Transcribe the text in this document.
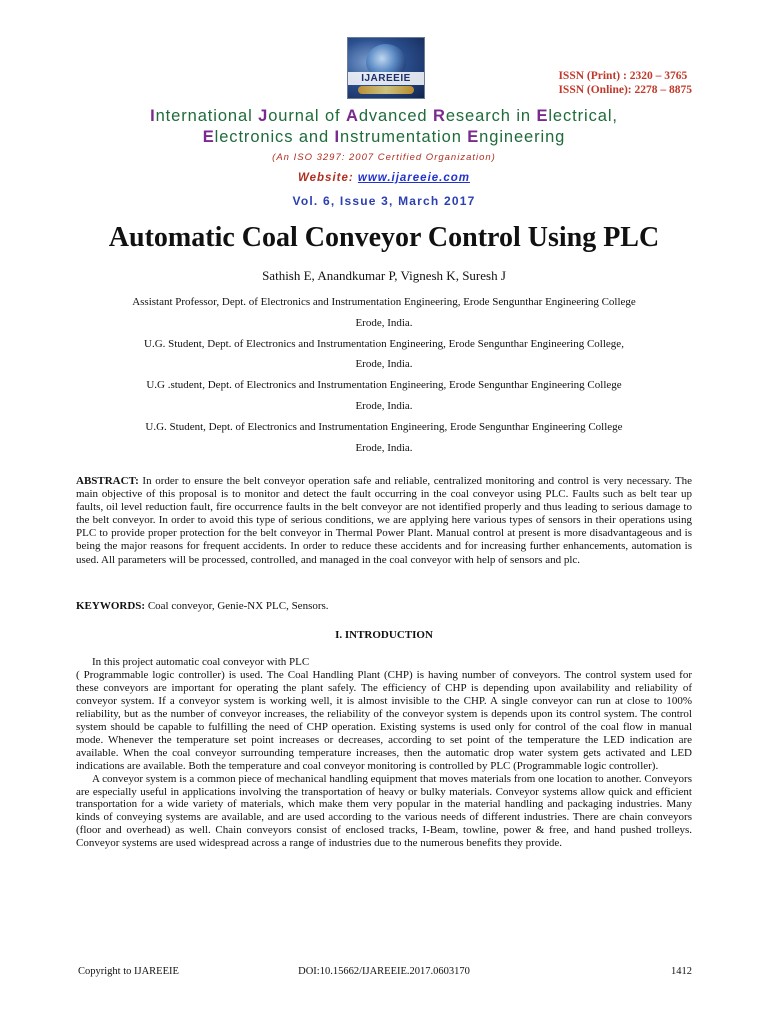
IJAREEIE	ISSN (Print) : 2320 – 3765
ISSN (Online): 2278 – 8875
International Journal of Advanced Research in Electrical,
Electronics and Instrumentation Engineering
(An ISO 3297: 2007 Certified Organization)
Website: www.ijareeie.com
Vol. 6, Issue 3, March 2017
Automatic Coal Conveyor Control Using PLC
Sathish E, Anandkumar P, Vignesh K, Suresh J
Assistant Professor, Dept. of Electronics and Instrumentation Engineering, Erode Sengunthar Engineering College
Erode, India.
U.G. Student, Dept. of Electronics and Instrumentation Engineering, Erode Sengunthar Engineering College,
Erode, India.
U.G .student, Dept. of Electronics and Instrumentation Engineering, Erode Sengunthar Engineering College
Erode, India.
U.G. Student, Dept. of Electronics and Instrumentation Engineering, Erode Sengunthar Engineering College
Erode, India.
ABSTRACT: In order to ensure the belt conveyor operation safe and reliable, centralized monitoring and control is very necessary. The main objective of this proposal is to monitor and detect the fault occurring in the coal conveyor using PLC. Faults such as belt tear up faults, oil level reduction fault, fire occurrence faults in the belt conveyor are not identified properly and thus leading to serious damage to the belt conveyor. In order to avoid this type of serious conditions, we are applying here various types of sensors in their operations using PLC to provide proper protection for the belt conveyor in Thermal Power Plant. Manual control at present is more disadvantageous and is being the major reasons for frequent accidents. In order to reduce these accidents and for increasing further enhancements, automation is used. All parameters will be processed, controlled, and managed in the coal conveyor with help of sensors and plc.
KEYWORDS: Coal conveyor, Genie-NX PLC, Sensors.
I. INTRODUCTION
In this project automatic coal conveyor with PLC
( Programmable logic controller) is used. The Coal Handling Plant (CHP) is having number of conveyors. The control system used for these conveyors are important for operating the plant safely. The efficiency of CHP is depending upon availability and reliability of conveyor system. If a conveyor system is working well, it is almost invisible to the CHP. A single conveyor can run at close to 100% reliability, but as the number of conveyor increases, the reliability of the conveyor system is depends upon its control system. The control system should be capable to fulfilling the need of CHP operation. Existing systems is used only for control of the coal flow in manual mode. Whenever the temperature set point increases or decreases, according to set point of the temperature the LED indication are available. When the coal conveyor surrounding temperature increases, then the automatic drop water system gets activated and LED indications are available. Both the temperature and coal conveyor monitoring is controlled by PLC (Programmable logic controller).

A conveyor system is a common piece of mechanical handling equipment that moves materials from one location to another. Conveyors are especially useful in applications involving the transportation of heavy or bulky materials. Conveyor systems allow quick and efficient transportation for a wide variety of materials, which make them very popular in the material handling and packaging industries. Many kinds of conveying systems are available, and are used according to the various needs of different industries. There are chain conveyors (floor and overhead) as well. Chain conveyors consist of enclosed tracks, I-Beam, towline, power & free, and hand pushed trolleys. Conveyor systems are used widespread across a range of industries due to the numerous benefits they provide.

Copyright to IJAREEIE	DOI:10.15662/IJAREEIE.2017.0603170	1412
